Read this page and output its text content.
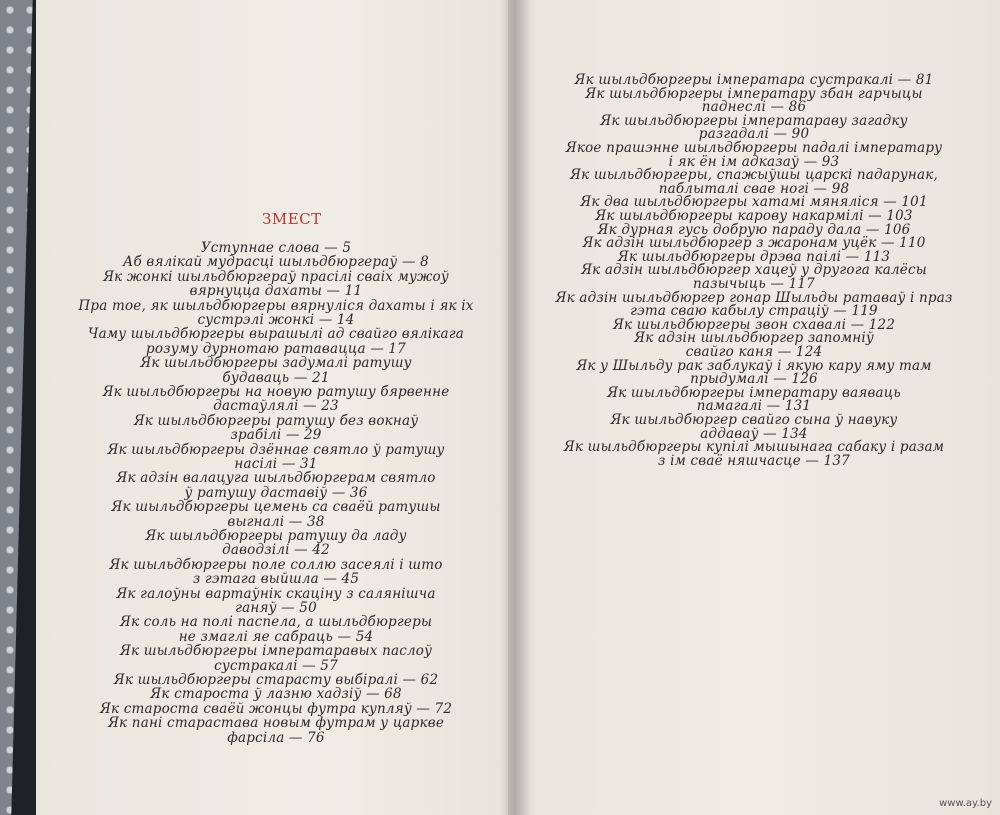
ЗМЕСТ
Уступнае слова — 5
Аб вялікай мудрасці шыльдбюргераў — 8
Як жонкі шыльдбюргераў прасілі сваіх мужоў
вярнуцца дахаты — 11
Пра тое, як шыльдбюргеры вярнуліся дахаты і як іх
сустрэлі жонкі — 14
Чаму шыльдбюргеры вырашылі ад свайго вялікага
розуму дурнотаю ратавацца — 17
Як шыльдбюргеры задумалі ратушу
будаваць — 21
Як шыльдбюргеры на новую ратушу бярвенне
дастаўлялі — 23
Як шыльдбюргеры ратушу без вокнаў
зрабілі — 29
Як шыльдбюргеры дзённае святло ў ратушу
насілі — 31
Як адзін валацуга шыльдбюргерам святло
ў ратушу даставіў — 36
Як шыльдбюргеры цемень са сваёй ратушы
выгналі — 38
Як шыльдбюргеры ратушу да ладу
даводзілі — 42
Як шыльдбюргеры поле соллю засеялі і што
з гэтага выйшла — 45
Як галоўны вартаўнік скаціну з салянішча
ганяў — 50
Як соль на полі паспела, а шыльдбюргеры
не змаглі яе сабраць — 54
Як шыльдбюргеры імператаравых паслоў
сустракалі — 57
Як шыльдбюргеры старасту выбіралі — 62
Як староста ў лазню хадзіў — 68
Як староста сваёй жонцы футра купляў — 72
Як пані старастава новым футрам у царкве
фарсіла — 76
Як шыльдбюргеры імператара сустракалі — 81
Як шыльдбюргеры імператару збан гарчыцы
паднеслі — 86
Як шыльдбюргеры імператараву загадку
разгадалі — 90
Якое прашэнне шыльдбюргеры падалі імператару
і як ён ім адказаў — 93
Як шыльдбюргеры, спажыўшы царскі падарунак,
паблыталі свае ногі — 98
Як два шыльдбюргеры хатамі мяняліся — 101
Як шыльдбюргеры карову накармілі — 103
Як дурная гусь добрую параду дала — 106
Як адзін шыльдбюргер з жаронам уцёк — 110
Як шыльдбюргеры дрэва паілі — 113
Як адзін шыльдбюргер хацеў у другога калёсы
пазычыць — 117
Як адзін шыльдбюргер гонар Шыльды ратаваў і праз
гэта сваю кабылу страціў — 119
Як шыльдбюргеры звон схавалі — 122
Як адзін шыльдбюргер запомніў
свайго каня — 124
Як у Шыльду рак заблукаў і якую кару яму там
прыдумалі — 126
Як шыльдбюргеры імператару ваяваць
памагалі — 131
Як шыльдбюргер свайго сына ў навуку
аддаваў — 134
Як шыльдбюргеры купілі мышынага сабаку і разам
з ім сваё няшчасце — 137
www.ay.by
